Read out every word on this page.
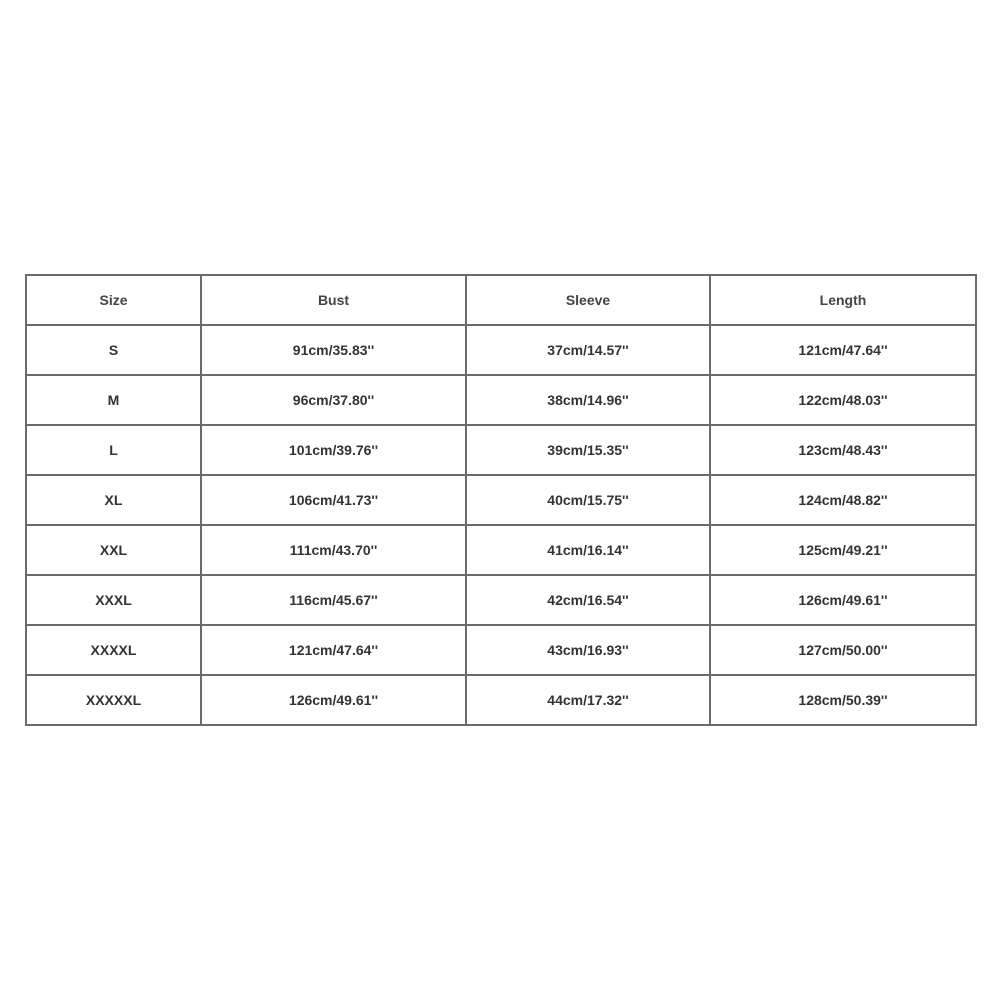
Size	Bust	Sleeve	Length
S	91cm/35.83''	37cm/14.57''	121cm/47.64''
M	96cm/37.80''	38cm/14.96''	122cm/48.03''
L	101cm/39.76''	39cm/15.35''	123cm/48.43''
XL	106cm/41.73''	40cm/15.75''	124cm/48.82''
XXL	111cm/43.70''	41cm/16.14''	125cm/49.21''
XXXL	116cm/45.67''	42cm/16.54''	126cm/49.61''
XXXXL	121cm/47.64''	43cm/16.93''	127cm/50.00''
XXXXXL	126cm/49.61''	44cm/17.32''	128cm/50.39''
